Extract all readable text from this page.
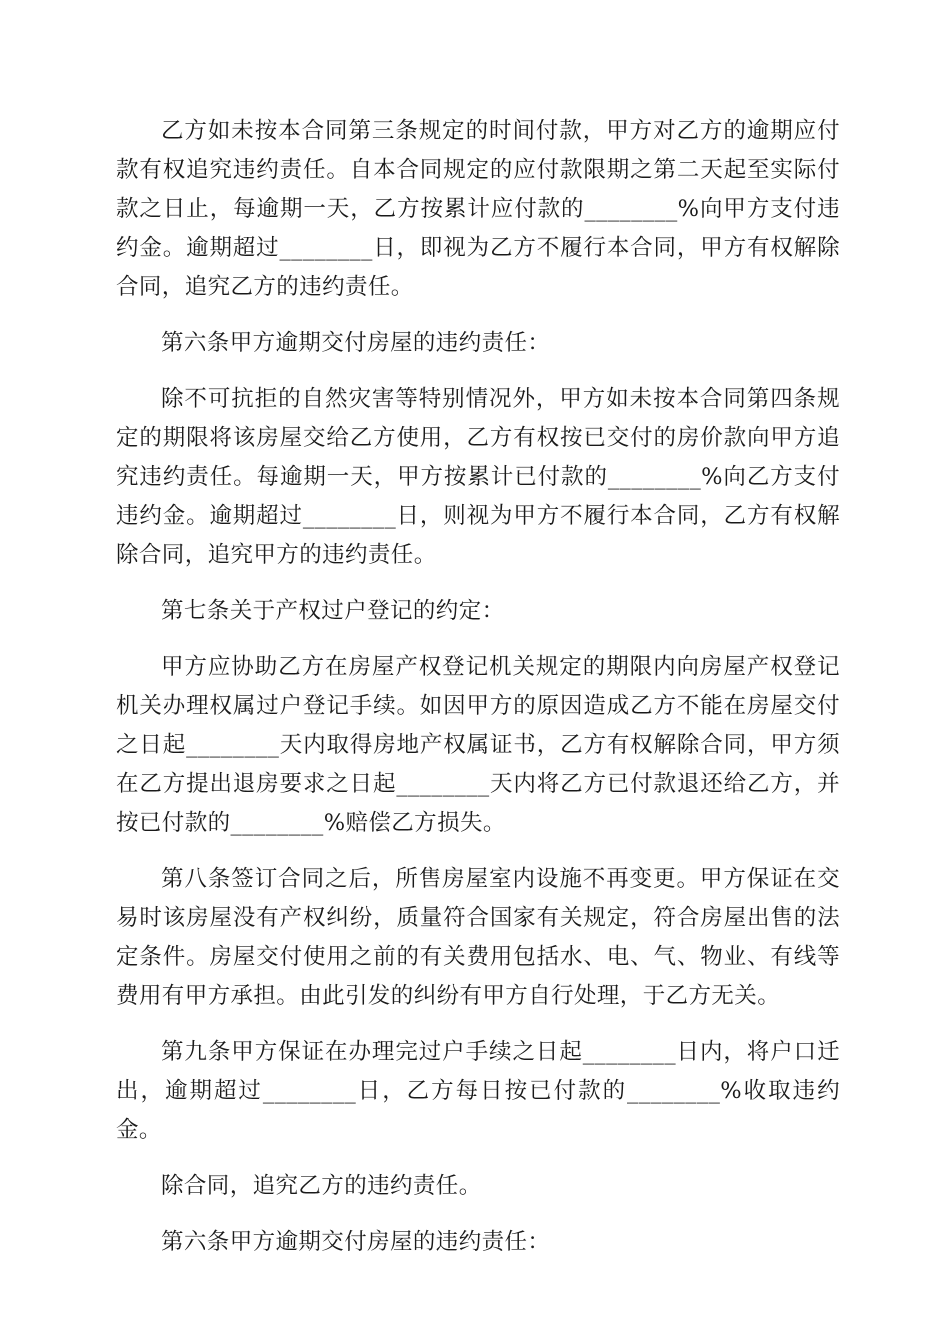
乙方如未按本合同第三条规定的时间付款，甲方对乙方的逾期应付款有权追究违约责任。自本合同规定的应付款限期之第二天起至实际付款之日止，每逾期一天，乙方按累计应付款的________%向甲方支付违约金。逾期超过________日，即视为乙方不履行本合同，甲方有权解除合同，追究乙方的违约责任。

第六条甲方逾期交付房屋的违约责任：

除不可抗拒的自然灾害等特别情况外，甲方如未按本合同第四条规定的期限将该房屋交给乙方使用，乙方有权按已交付的房价款向甲方追究违约责任。每逾期一天，甲方按累计已付款的________%向乙方支付违约金。逾期超过________日，则视为甲方不履行本合同，乙方有权解除合同，追究甲方的违约责任。

第七条关于产权过户登记的约定：

甲方应协助乙方在房屋产权登记机关规定的期限内向房屋产权登记机关办理权属过户登记手续。如因甲方的原因造成乙方不能在房屋交付之日起________天内取得房地产权属证书，乙方有权解除合同，甲方须在乙方提出退房要求之日起________天内将乙方已付款退还给乙方，并按已付款的________%赔偿乙方损失。

第八条签订合同之后，所售房屋室内设施不再变更。甲方保证在交易时该房屋没有产权纠纷，质量符合国家有关规定，符合房屋出售的法定条件。房屋交付使用之前的有关费用包括水、电、气、物业、有线等费用有甲方承担。由此引发的纠纷有甲方自行处理，于乙方无关。

第九条甲方保证在办理完过户手续之日起________日内，将户口迁出，逾期超过________日，乙方每日按已付款的________%收取违约金。

除合同，追究乙方的违约责任。

第六条甲方逾期交付房屋的违约责任：
